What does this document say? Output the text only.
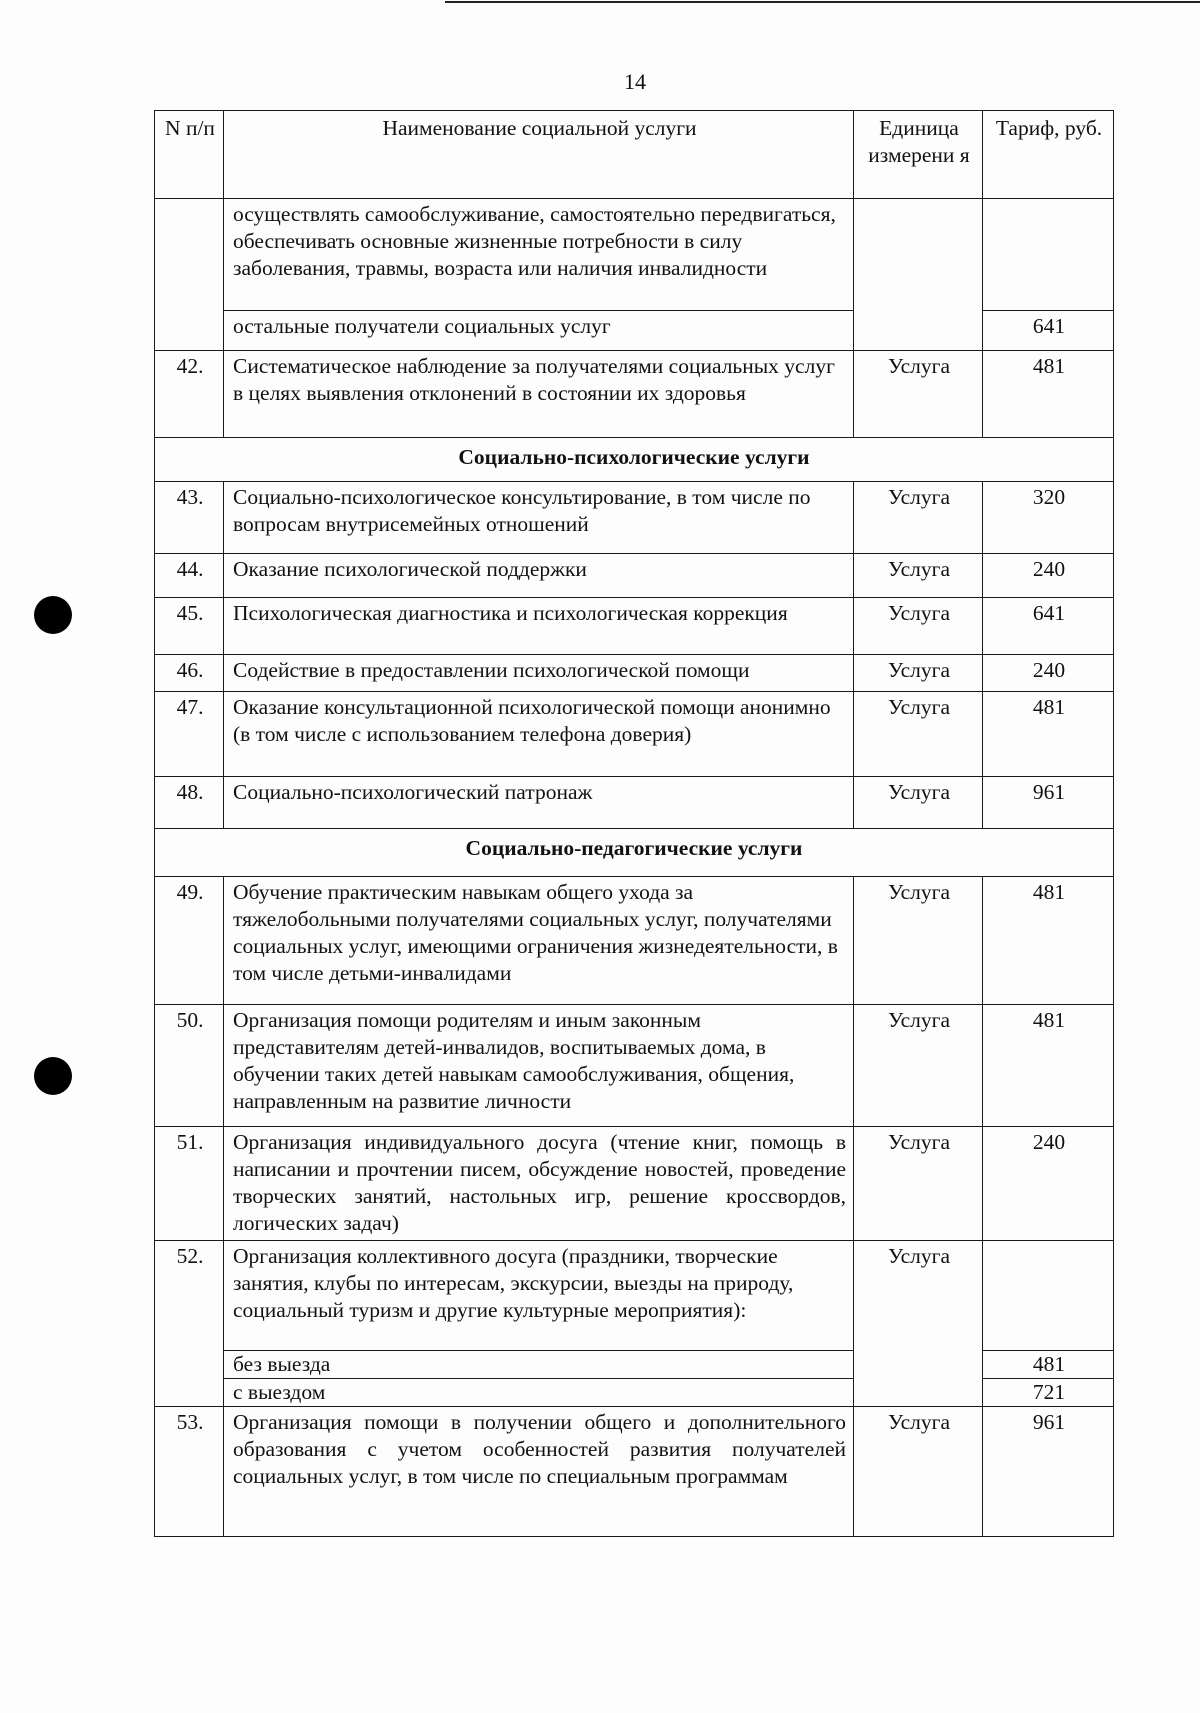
14
N п/п	Наименование социальной услуги	Единица измерени я	Тариф, руб.
	осуществлять самообслуживание, самостоятельно передвигаться, обеспечивать основные жизненные потребности в силу заболевания, травмы, возраста или наличия инвалидности		
	остальные получатели социальных услуг		641
42.	Систематическое наблюдение за получателями социальных услуг в целях выявления отклонений в состоянии их здоровья	Услуга	481
Социально-психологические услуги			
43.	Социально-психологическое консультирование, в том числе по вопросам внутрисемейных отношений	Услуга	320
44.	Оказание психологической поддержки	Услуга	240
45.	Психологическая диагностика и психологическая коррекция	Услуга	641
46.	Содействие в предоставлении психологической помощи	Услуга	240
47.	Оказание консультационной психологической помощи анонимно (в том числе с использованием телефона доверия)	Услуга	481
48.	Социально-психологический патронаж	Услуга	961
Социально-педагогические услуги			
49.	Обучение практическим навыкам общего ухода за тяжелобольными получателями социальных услуг, получателями социальных услуг, имеющими ограничения жизнедеятельности, в том числе детьми-инвалидами	Услуга	481
50.	Организация помощи родителям и иным законным представителям детей-инвалидов, воспитываемых дома, в обучении таких детей навыкам самообслуживания, общения, направленным на развитие личности	Услуга	481
51.	Организация индивидуального досуга (чтение книг, помощь в написании и прочтении писем, обсуждение новостей, проведение творческих занятий, настольных игр, решение кроссвордов, логических задач)	Услуга	240
52.	Организация коллективного досуга (праздники, творческие занятия, клубы по интересам, экскурсии, выезды на природу, социальный туризм и другие культурные мероприятия):	Услуга	
	без выезда		481
	с выездом		721
53.	Организация помощи в получении общего и дополнительного образования с учетом особенностей развития получателей социальных услуг, в том числе по специальным программам	Услуга	961
